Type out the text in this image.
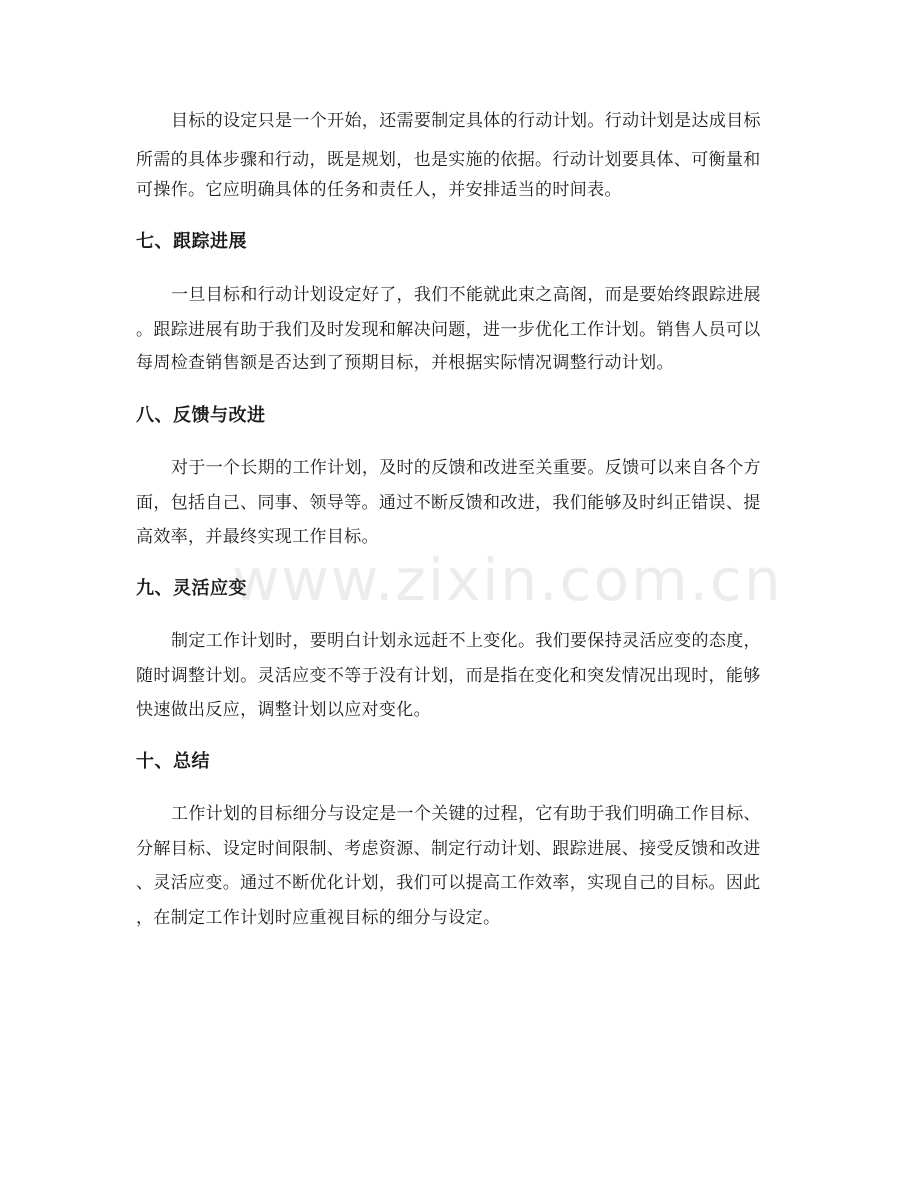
目标的设定只是一个开始，还需要制定具体的行动计划。行动计划是达成目标
所需的具体步骤和行动，既是规划，也是实施的依据。行动计划要具体、可衡量和
可操作。它应明确具体的任务和责任人，并安排适当的时间表。
七、跟踪进展
一旦目标和行动计划设定好了，我们不能就此束之高阁，而是要始终跟踪进展
。跟踪进展有助于我们及时发现和解决问题，进一步优化工作计划。销售人员可以
每周检查销售额是否达到了预期目标，并根据实际情况调整行动计划。
八、反馈与改进
对于一个长期的工作计划，及时的反馈和改进至关重要。反馈可以来自各个方
面，包括自己、同事、领导等。通过不断反馈和改进，我们能够及时纠正错误、提
高效率，并最终实现工作目标。
九、灵活应变
制定工作计划时，要明白计划永远赶不上变化。我们要保持灵活应变的态度，
随时调整计划。灵活应变不等于没有计划，而是指在变化和突发情况出现时，能够
快速做出反应，调整计划以应对变化。
十、总结
工作计划的目标细分与设定是一个关键的过程，它有助于我们明确工作目标、
分解目标、设定时间限制、考虑资源、制定行动计划、跟踪进展、接受反馈和改进
、灵活应变。通过不断优化计划，我们可以提高工作效率，实现自己的目标。因此
，在制定工作计划时应重视目标的细分与设定。
www.zixin.com.cn
